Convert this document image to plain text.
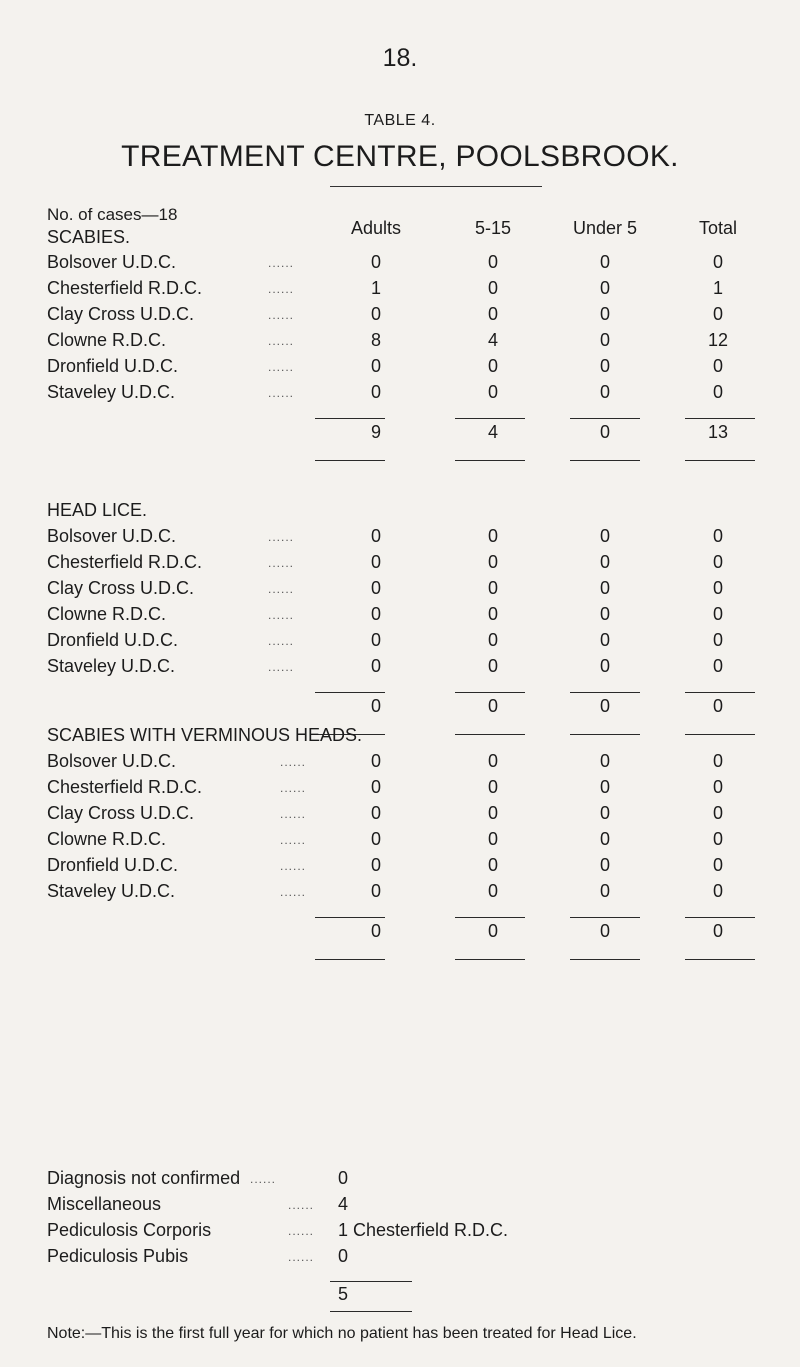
18.
TABLE 4.
TREATMENT CENTRE, POOLSBROOK.
No. of cases—18
SCABIES.	Adults	5-15	Under 5	Total
Bolsover U.D.C.	......	0	0	0	0
Chesterfield R.D.C.	......	1	0	0	1
Clay Cross U.D.C.	......	0	0	0	0
Clowne R.D.C.	......	8	4	0	12
Dronfield U.D.C.	......	0	0	0	0
Staveley U.D.C.	......	0	0	0	0
9	4	0	13
HEAD LICE.
Bolsover U.D.C.	......	0	0	0	0
Chesterfield R.D.C.	......	0	0	0	0
Clay Cross U.D.C.	......	0	0	0	0
Clowne R.D.C.	......	0	0	0	0
Dronfield U.D.C.	......	0	0	0	0
Staveley U.D.C.	......	0	0	0	0
0	0	0	0
SCABIES WITH VERMINOUS HEADS.
Bolsover U.D.C.	......	0	0	0	0
Chesterfield R.D.C.	......	0	0	0	0
Clay Cross U.D.C.	......	0	0	0	0
Clowne R.D.C.	......	0	0	0	0
Dronfield U.D.C.	......	0	0	0	0
Staveley U.D.C.	......	0	0	0	0
0	0	0	0
Diagnosis not confirmed ......	0
Miscellaneous	......	4
Pediculosis Corporis	......	1 Chesterfield R.D.C.
Pediculosis Pubis	......	0
5
Note:—This is the first full year for which no patient has been treated for Head Lice.
